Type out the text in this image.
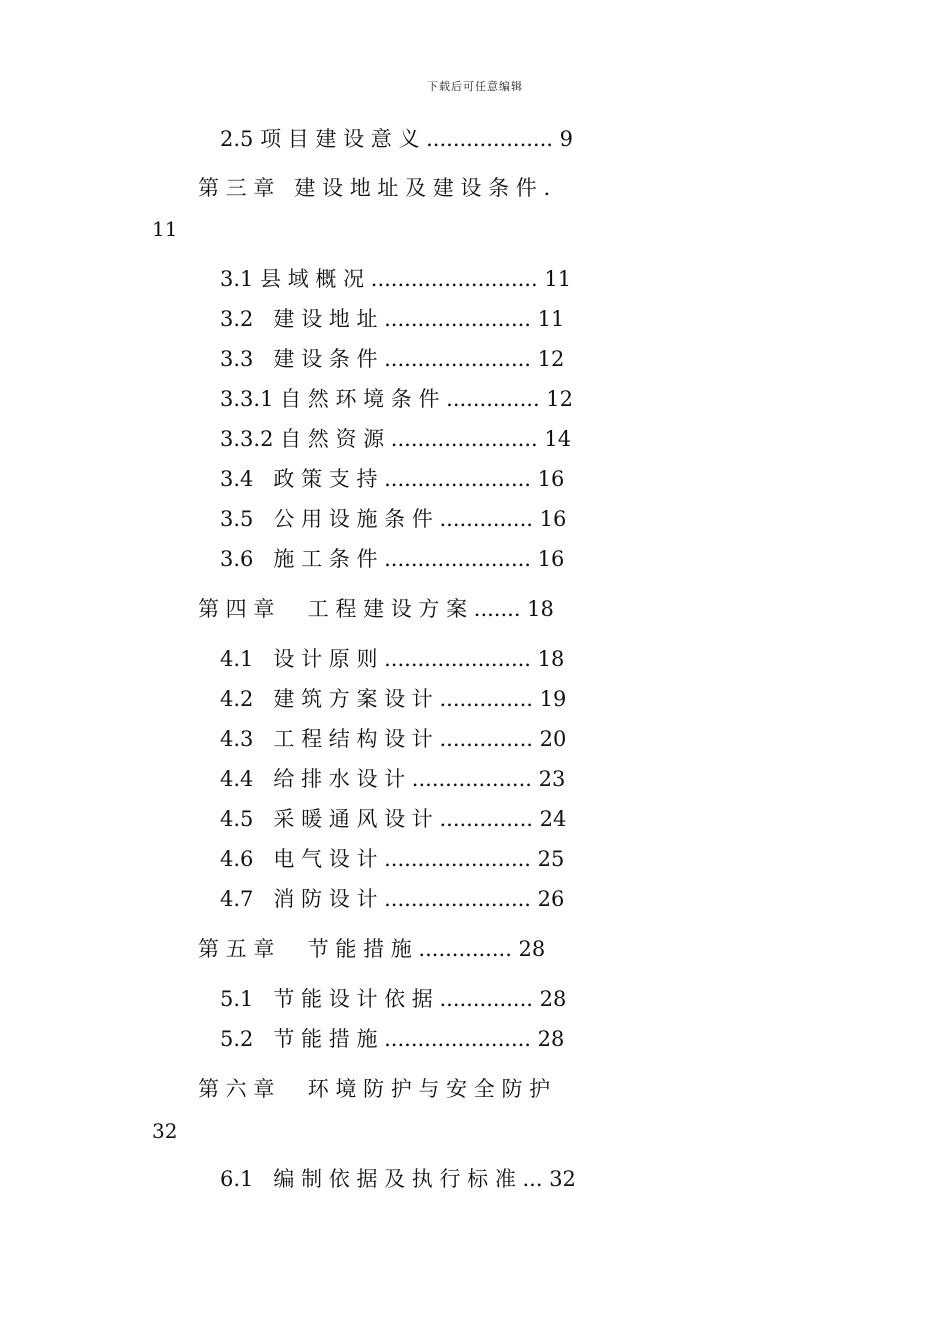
下载后可任意编辑
2.5 项 目 建 设 意 义 ................... 9
第 三 章   建 设 地 址 及 建 设 条 件 .
11
3.1 县 域 概 况 ......................... 11
3.2   建 设 地 址 ...................... 11
3.3   建 设 条 件 ...................... 12
3.3.1 自 然 环 境 条 件 .............. 12
3.3.2 自 然 资 源 ...................... 14
3.4   政 策 支 持 ...................... 16
3.5   公 用 设 施 条 件 .............. 16
3.6   施 工 条 件 ...................... 16
第 四 章     工 程 建 设 方 案 ....... 18
4.1   设 计 原 则 ...................... 18
4.2   建 筑 方 案 设 计 .............. 19
4.3   工 程 结 构 设 计 .............. 20
4.4   给 排 水 设 计 .................. 23
4.5   采 暖 通 风 设 计 .............. 24
4.6   电 气 设 计 ...................... 25
4.7   消 防 设 计 ...................... 26
第 五 章     节 能 措 施 .............. 28
5.1   节 能 设 计 依 据 .............. 28
5.2   节 能 措 施 ...................... 28
第 六 章     环 境 防 护 与 安 全 防 护
32
6.1   编 制 依 据 及 执 行 标 准 ... 32
